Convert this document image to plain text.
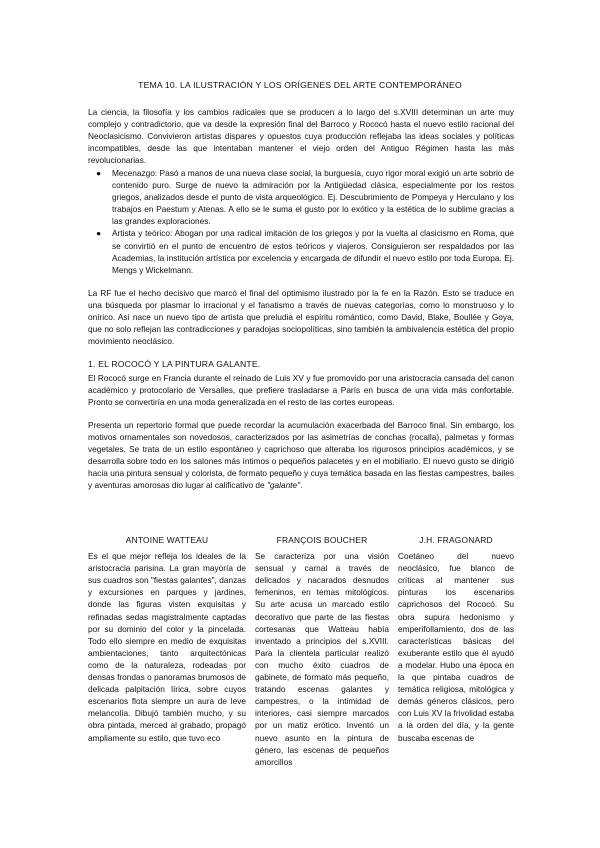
TEMA 10. LA ILUSTRACIÓN Y LOS ORÍGENES DEL ARTE CONTEMPORÁNEO

La ciencia, la filosofía y los cambios radicales que se producen a lo largo del s.XVIII determinan un arte muy complejo y contradictorio, que va desde la expresión final del Barroco y Rococó hasta el nuevo estilo racional del Neoclasicismo. Convivieron artistas dispares y opuestos cuya producción reflejaba las ideas sociales y políticas incompatibles, desde las que intentaban mantener el viejo orden del Antiguo Régimen hasta las más revolucionarias.

● Mecenazgo: Pasó a manos de una nueva clase social, la burguesía, cuyo rigor moral exigió un arte sobrio de contenido puro. Surge de nuevo la admiración por la Antigüedad clásica, especialmente por los restos griegos, analizados desde el punto de vista arqueológico. Ej. Descubrimiento de Pompeya y Herculano y los trabajos en Paestum y Atenas. A ello se le suma el gusto por lo exótico y la estética de lo sublime gracias a las grandes exploraciones.
● Artista y teórico: Abogan por una radical imitación de los griegos y por la vuelta al clasicismo en Roma, que se convirtió en el punto de encuentro de estos teóricos y viajeros. Consiguieron ser respaldados por las Academias, la institución artística por excelencia y encargada de difundir el nuevo estilo por toda Europa. Ej. Mengs y Wickelmann.

La RF fue el hecho decisivo que marcó el final del optimismo ilustrado por la fe en la Razón. Esto se traduce en una búsqueda por plasmar lo irracional y el fanatismo a través de nuevas categorías, como lo monstruoso y lo onírico. Así nace un nuevo tipo de artista que preludia el espíritu romántico, como David, Blake, Boullée y Goya, que no solo reflejan las contradicciones y paradojas sociopolíticas, sino también la ambivalencia estética del propio movimiento neoclásico.

1. EL ROCOCÓ Y LA PINTURA GALANTE.

El Rococó surge en Francia durante el reinado de Luis XV y fue promovido por una aristocracia cansada del canon académico y protocolario de Versalles, que prefiere trasladarse a París en busca de una vida más confortable. Pronto se convertiría en una moda generalizada en el resto de las cortes europeas.

Presenta un repertorio formal que puede recordar la acumulación exacerbada del Barroco final. Sin embargo, los motivos ornamentales son novedosos, caracterizados por las asimetrías de conchas (rocalla), palmetas y formas vegetales. Se trata de un estilo espontáneo y caprichoso que alteraba los rigurosos principios académicos, y se desarrolla sobre todo en los salones más íntimos o pequeños palacetes y en el mobiliario. El nuevo gusto se dirigió hacia una pintura sensual y colorista, de formato pequeño y cuya temática basada en las fiestas campestres, bailes y aventuras amorosas dio lugar al calificativo de "galante".

ANTOINE WATTEAU

Es el que mejor refleja los ideales de la aristocracia parisina. La gran mayoría de sus cuadros son "fiestas galantes", danzas y excursiones en parques y jardines, donde las figuras visten exquisitas y refinadas sedas magistralmente captadas por su dominio del color y la pincelada. Todo ello siempre en medio de exquisitas ambientaciones, tanto arquitectónicas como de la naturaleza, rodeadas por densas frondas o panoramas brumosos de delicada palpitación lírica, sobre cuyos escenarios flota siempre un aura de leve melancolía. Dibujó también mucho, y su obra pintada, merced al grabado, propagó ampliamente su estilo, que tuvo eco

FRANÇOIS BOUCHER

Se caracteriza por una visión sensual y carnal a través de delicados y nacarados desnudos femeninos, en temas mitológicos. Su arte acusa un marcado estilo decorativo que parte de las fiestas cortesanas que Watteau había inventado a principios del s.XVIII. Para la clientela particular realizó con mucho éxito cuadros de gabinete, de formato más pequeño, tratando escenas galantes y campestres, o la intimidad de interiores, casi siempre marcados por un matiz erótico. Inventó un nuevo asunto en la pintura de género, las escenas de pequeños amorcillos

J.H. FRAGONARD

Coetáneo del nuevo neoclásico, fue blanco de críticas al mantener sus pinturas los escenarios caprichosos del Rococó. Su obra supura hedonismo y emperifollamiento, dos de las características básicas del exuberante estilo que él ayudó a modelar. Hubo una época en la que pintaba cuadros de temática religiosa, mitológica y demás géneros clásicos, pero con Luis XV la frivolidad estaba a la orden del día, y la gente buscaba escenas de
